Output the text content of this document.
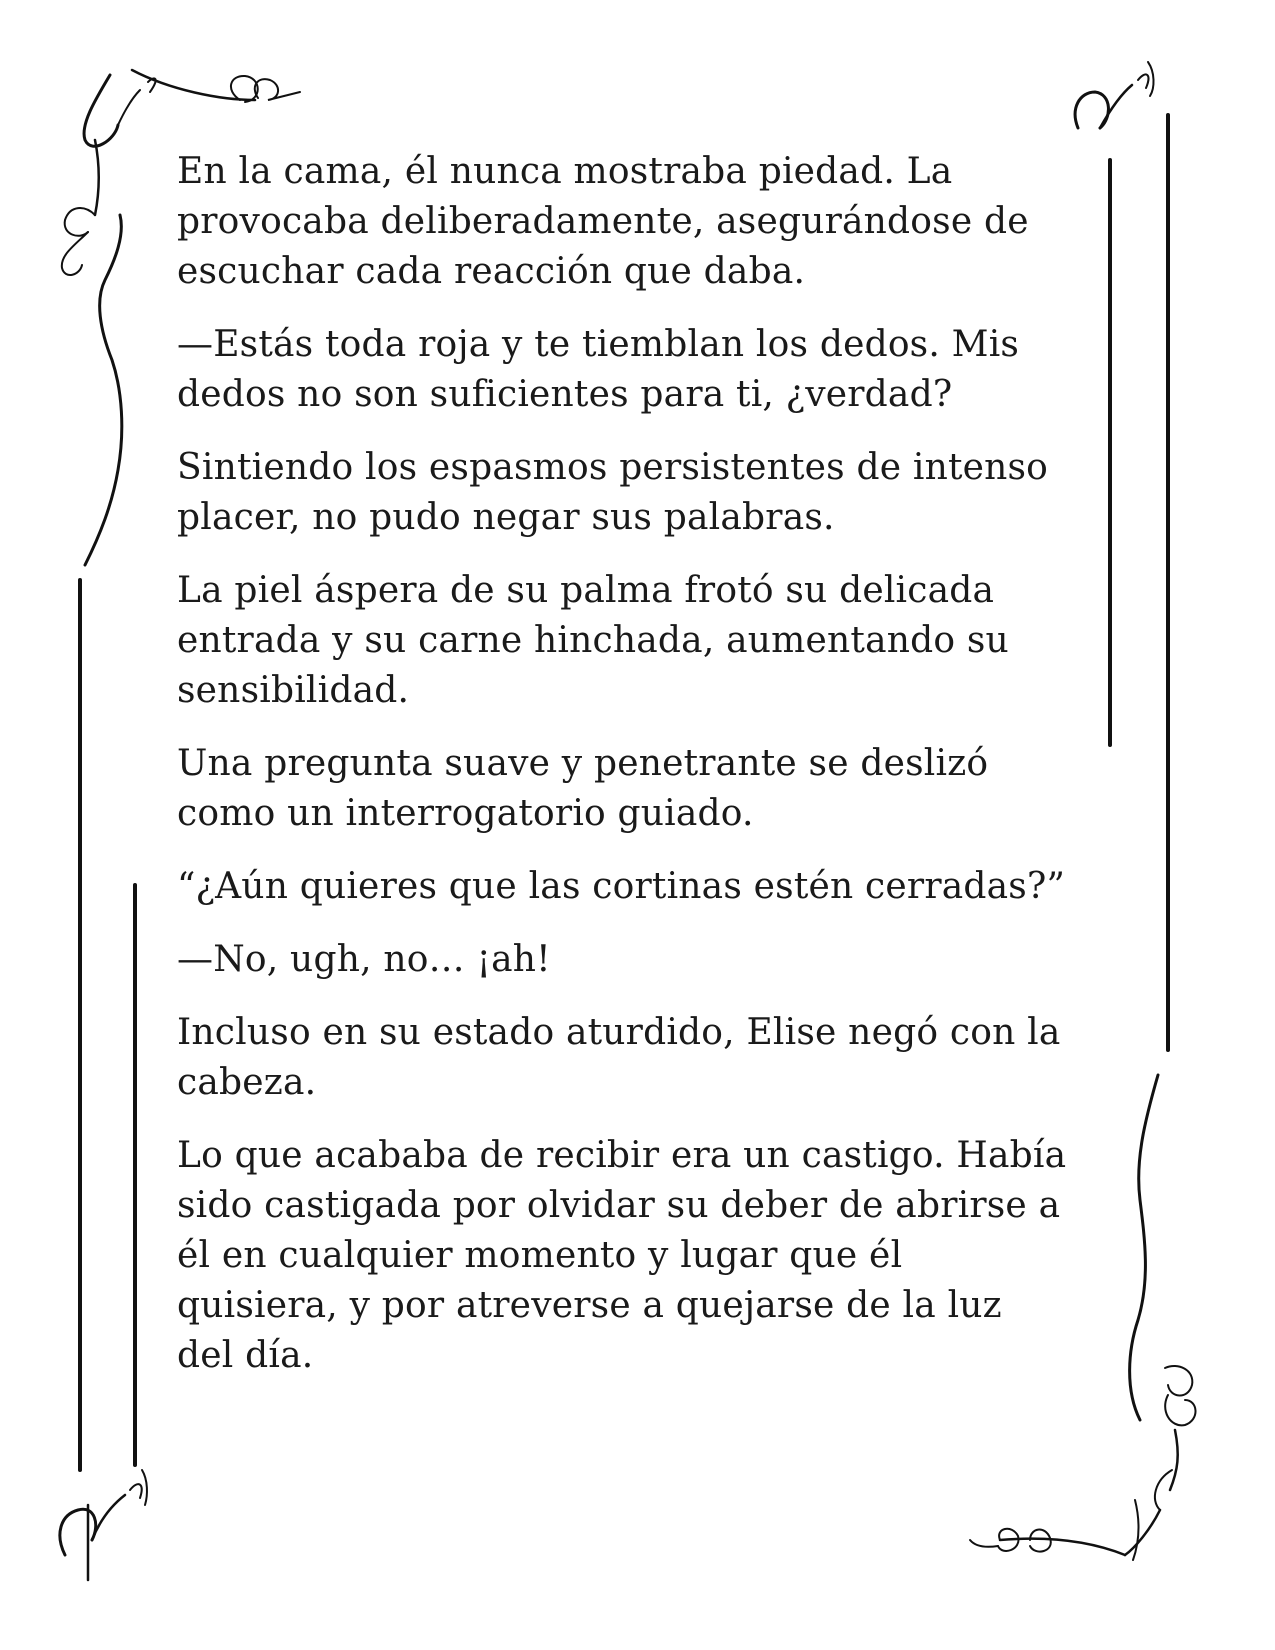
En la cama, él nunca mostraba piedad. La
provocaba deliberadamente, asegurándose de
escuchar cada reacción que daba.

—Estás toda roja y te tiemblan los dedos. Mis
dedos no son suficientes para ti, ¿verdad?

Sintiendo los espasmos persistentes de intenso
placer, no pudo negar sus palabras.

La piel áspera de su palma frotó su delicada
entrada y su carne hinchada, aumentando su
sensibilidad.

Una pregunta suave y penetrante se deslizó
como un interrogatorio guiado.

“¿Aún quieres que las cortinas estén cerradas?”

—No, ugh, no… ¡ah!

Incluso en su estado aturdido, Elise negó con la
cabeza.

Lo que acababa de recibir era un castigo. Había
sido castigada por olvidar su deber de abrirse a
él en cualquier momento y lugar que él
quisiera, y por atreverse a quejarse de la luz
del día.
